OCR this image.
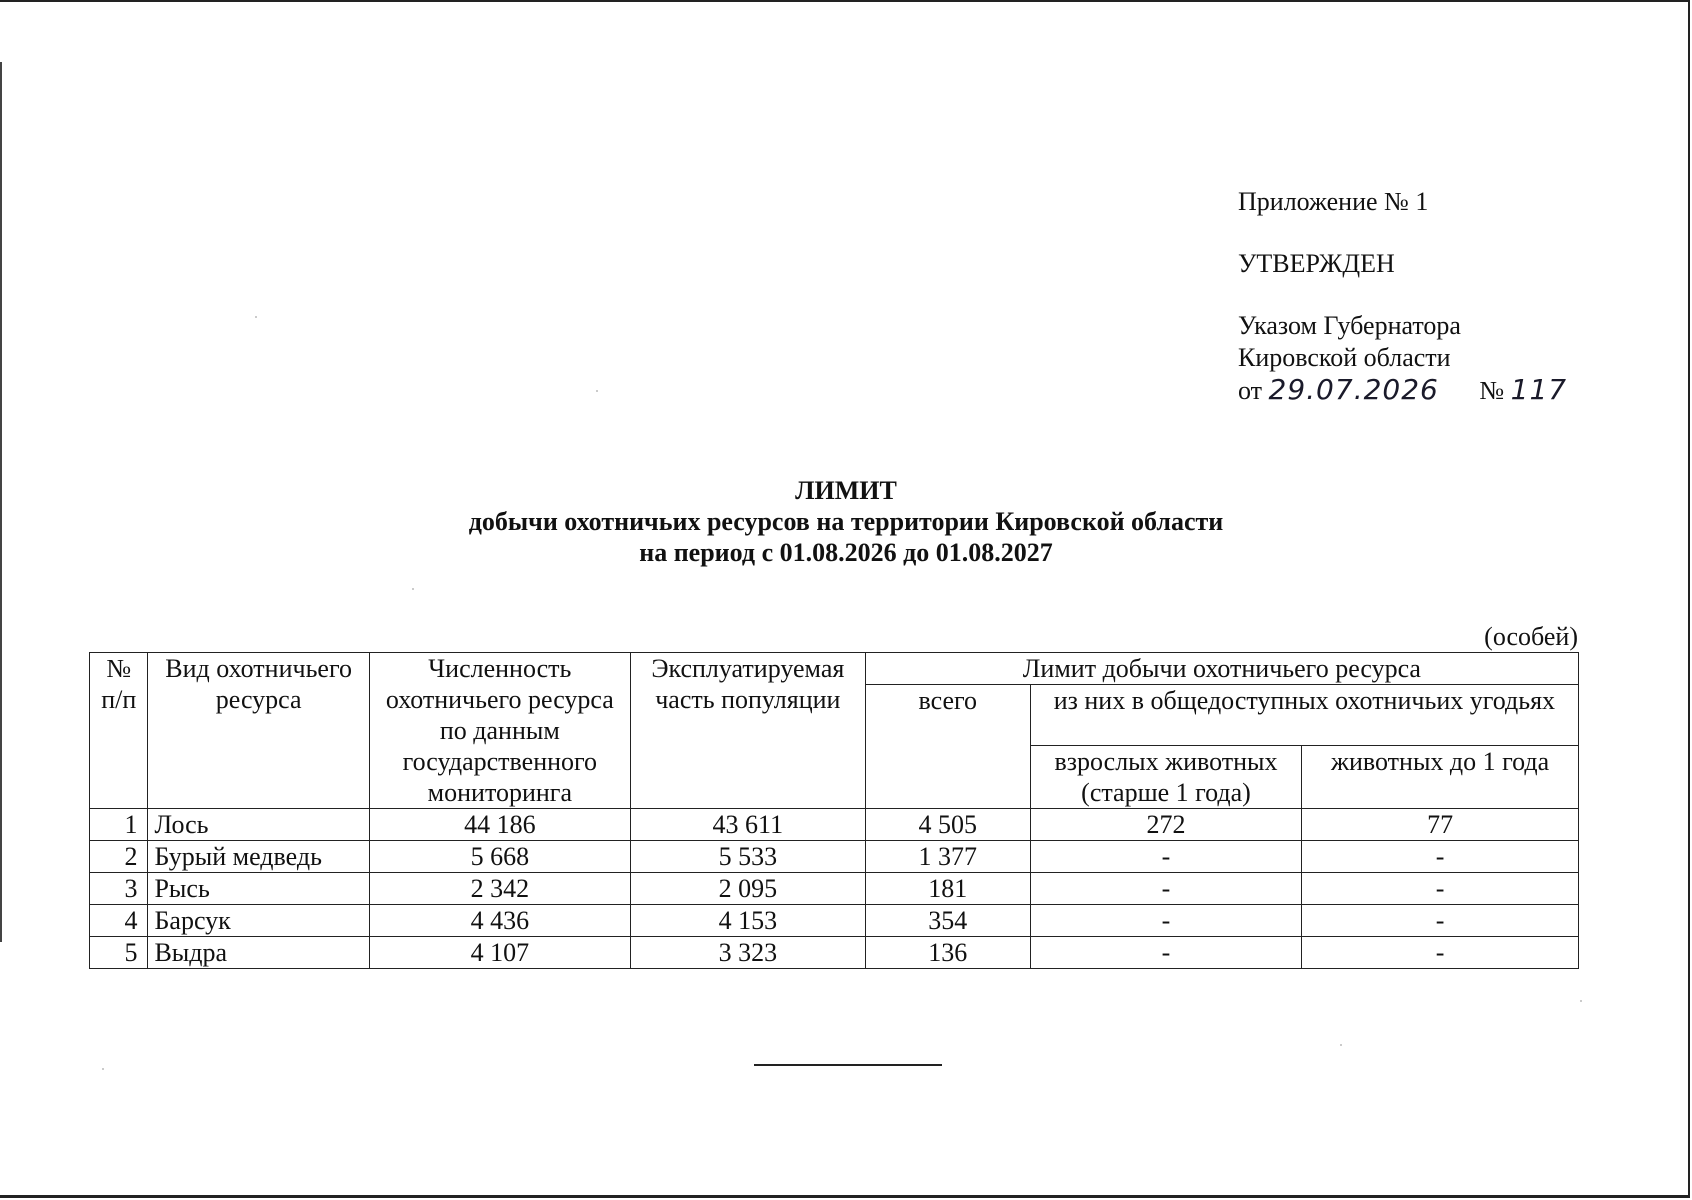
Приложение № 1
УТВЕРЖДЕН
Указом Губернатора
Кировской области
от 29.07.2026 № 117
ЛИМИТ
добычи охотничьих ресурсов на территории Кировской области
на период с 01.08.2026 до 01.08.2027
(особей)
№ п/п	Вид охотничьего ресурса	Численность охотничьего ресурса по данным государственного мониторинга	Эксплуатируемая часть популяции	Лимит добычи охотничьего ресурса		
				всего	из них в общедоступных охотничьих угодьях	
					взрослых животных (старше 1 года)	животных до 1 года
1	Лось	44 186	43 611	4 505	272	77
2	Бурый медведь	5 668	5 533	1 377	-	-
3	Рысь	2 342	2 095	181	-	-
4	Барсук	4 436	4 153	354	-	-
5	Выдра	4 107	3 323	136	-	-
